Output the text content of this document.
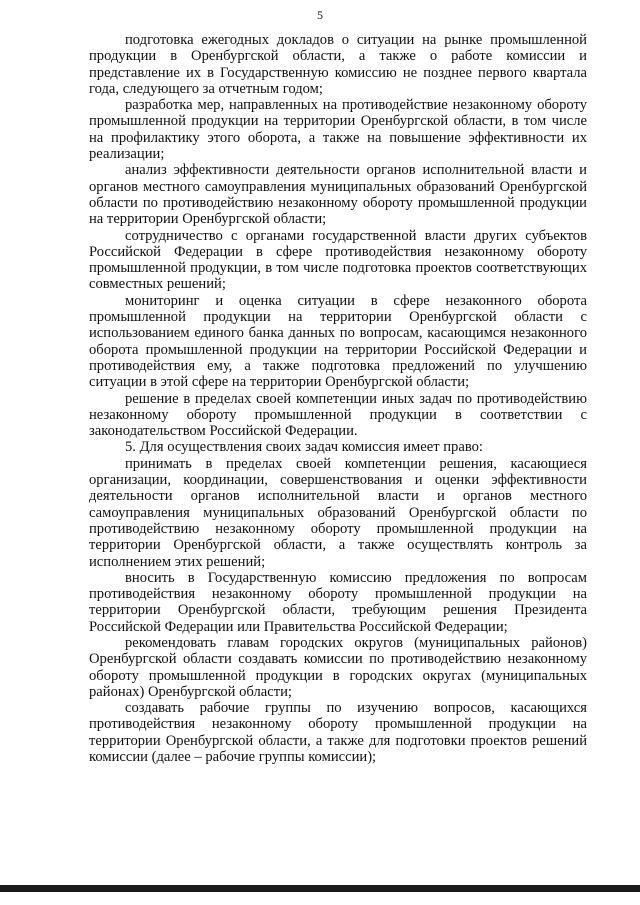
5

подготовка ежегодных докладов о ситуации на рынке промышленной продукции в Оренбургской области, а также о работе комиссии и представление их в Государственную комиссию не позднее первого квартала года, следующего за отчетным годом;

разработка мер, направленных на противодействие незаконному обороту промышленной продукции на территории Оренбургской области, в том числе на профилактику этого оборота, а также на повышение эффективности их реализации;

анализ эффективности деятельности органов исполнительной власти и органов местного самоуправления муниципальных образований Оренбургской области по противодействию незаконному обороту промышленной продукции на территории Оренбургской области;

сотрудничество с органами государственной власти других субъектов Российской Федерации в сфере противодействия незаконному обороту промышленной продукции, в том числе подготовка проектов соответствующих совместных решений;

мониторинг и оценка ситуации в сфере незаконного оборота промышленной продукции на территории Оренбургской области с использованием единого банка данных по вопросам, касающимся незаконного оборота промышленной продукции на территории Российской Федерации и противодействия ему, а также подготовка предложений по улучшению ситуации в этой сфере на территории Оренбургской области;

решение в пределах своей компетенции иных задач по противодействию незаконному обороту промышленной продукции в соответствии с законодательством Российской Федерации.

5. Для осуществления своих задач комиссия имеет право:

принимать в пределах своей компетенции решения, касающиеся организации, координации, совершенствования и оценки эффективности деятельности органов исполнительной власти и органов местного самоуправления муниципальных образований Оренбургской области по противодействию незаконному обороту промышленной продукции на территории Оренбургской области, а также осуществлять контроль за исполнением этих решений;

вносить в Государственную комиссию предложения по вопросам противодействия незаконному обороту промышленной продукции на территории Оренбургской области, требующим решения Президента Российской Федерации или Правительства Российской Федерации;

рекомендовать главам городских округов (муниципальных районов) Оренбургской области создавать комиссии по противодействию незаконному обороту промышленной продукции в городских округах (муниципальных районах) Оренбургской области;

создавать рабочие группы по изучению вопросов, касающихся противодействия незаконному обороту промышленной продукции на территории Оренбургской области, а также для подготовки проектов решений комиссии (далее – рабочие группы комиссии);
